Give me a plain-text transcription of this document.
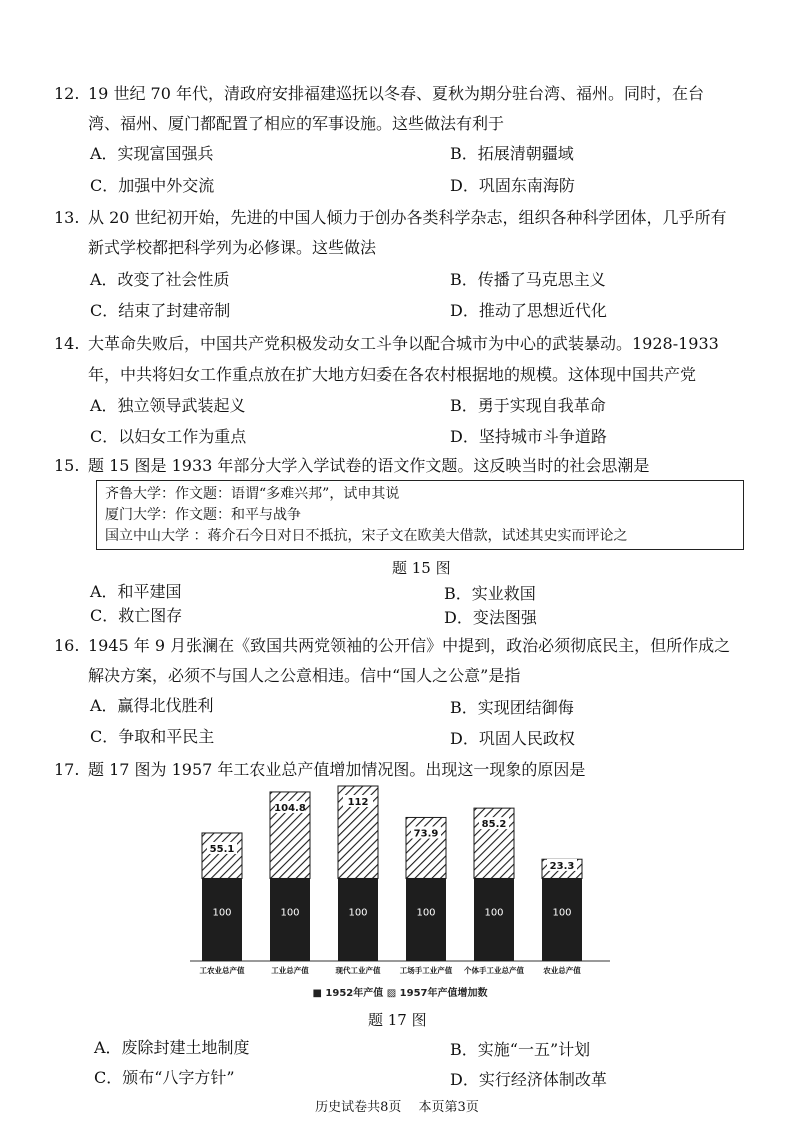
12. 19 世纪 70 年代，清政府安排福建巡抚以冬春、夏秋为期分驻台湾、福州。同时，在台
湾、福州、厦门都配置了相应的军事设施。这些做法有利于
A．实现富国强兵	B．拓展清朝疆域
C．加强中外交流	D．巩固东南海防
13. 从 20 世纪初开始，先进的中国人倾力于创办各类科学杂志，组织各种科学团体，几乎所有
新式学校都把科学列为必修课。这些做法
A．改变了社会性质	B．传播了马克思主义
C．结束了封建帝制	D．推动了思想近代化
14. 大革命失败后，中国共产党积极发动女工斗争以配合城市为中心的武装暴动。1928-1933
年，中共将妇女工作重点放在扩大地方妇委在各农村根据地的规模。这体现中国共产党
A．独立领导武装起义	B．勇于实现自我革命
C．以妇女工作为重点	D．坚持城市斗争道路
15. 题 15 图是 1933 年部分大学入学试卷的语文作文题。这反映当时的社会思潮是
齐鲁大学：作文题：语谓“多难兴邦”，试申其说
厦门大学：作文题：和平与战争
国立中山大学 ：蒋介石今日对日不抵抗，宋子文在欧美大借款，试述其史实而评论之
题 15 图
A．和平建国	B．实业救国
C．救亡图存	D．变法图强
16. 1945 年 9 月张澜在《致国共两党领袖的公开信》中提到，政治必须彻底民主，但所作成之
解决方案，必须不与国人之公意相违。信中“国人之公意”是指
A．赢得北伐胜利	B．实现团结御侮
C．争取和平民主	D．巩固人民政权
17. 题 17 图为 1957 年工农业总产值增加情况图。出现这一现象的原因是
100
55.1
工农业总产值
100
104.8
工业总产值
100
112
现代工业产值
100
73.9
工场手工业产值
100
85.2
个体手工业总产值
100
23.3
农业总产值
■ 1952年产值 ▨ 1957年产值增加数
题 17 图
A．废除封建土地制度	B．实施“一五”计划
C．颁布“八字方针”	D．实行经济体制改革
历史试卷共8页　 本页第3页
